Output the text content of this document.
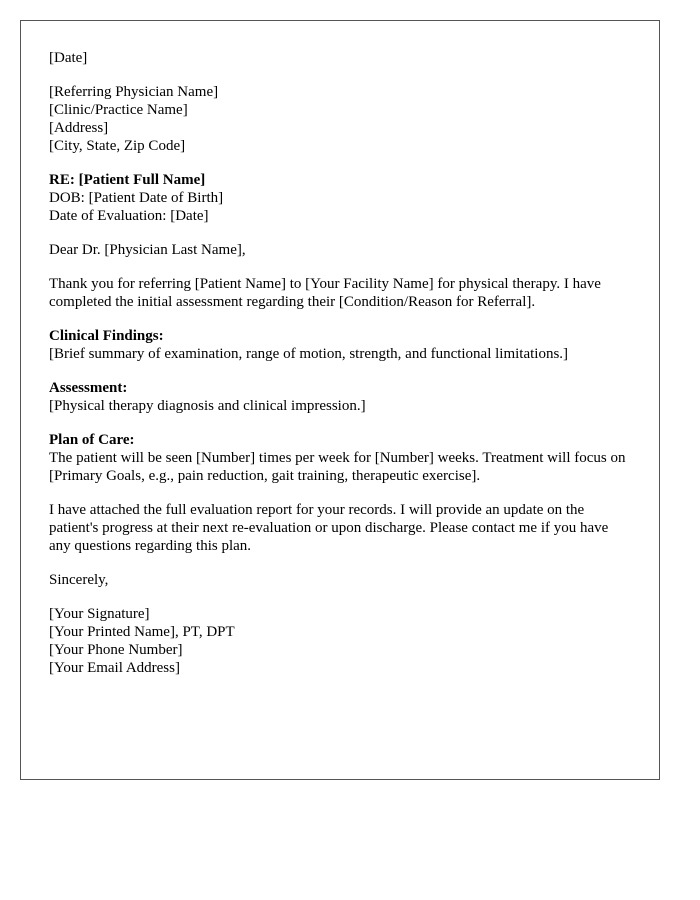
[Date]
[Referring Physician Name]
[Clinic/Practice Name]
[Address]
[City, State, Zip Code]
RE: [Patient Full Name]
DOB: [Patient Date of Birth]
Date of Evaluation: [Date]
Dear Dr. [Physician Last Name],
Thank you for referring [Patient Name] to [Your Facility Name] for physical therapy. I have completed the initial assessment regarding their [Condition/Reason for Referral].
Clinical Findings:
[Brief summary of examination, range of motion, strength, and functional limitations.]
Assessment:
[Physical therapy diagnosis and clinical impression.]
Plan of Care:
The patient will be seen [Number] times per week for [Number] weeks. Treatment will focus on [Primary Goals, e.g., pain reduction, gait training, therapeutic exercise].
I have attached the full evaluation report for your records. I will provide an update on the patient's progress at their next re-evaluation or upon discharge. Please contact me if you have any questions regarding this plan.
Sincerely,
[Your Signature]
[Your Printed Name], PT, DPT
[Your Phone Number]
[Your Email Address]
